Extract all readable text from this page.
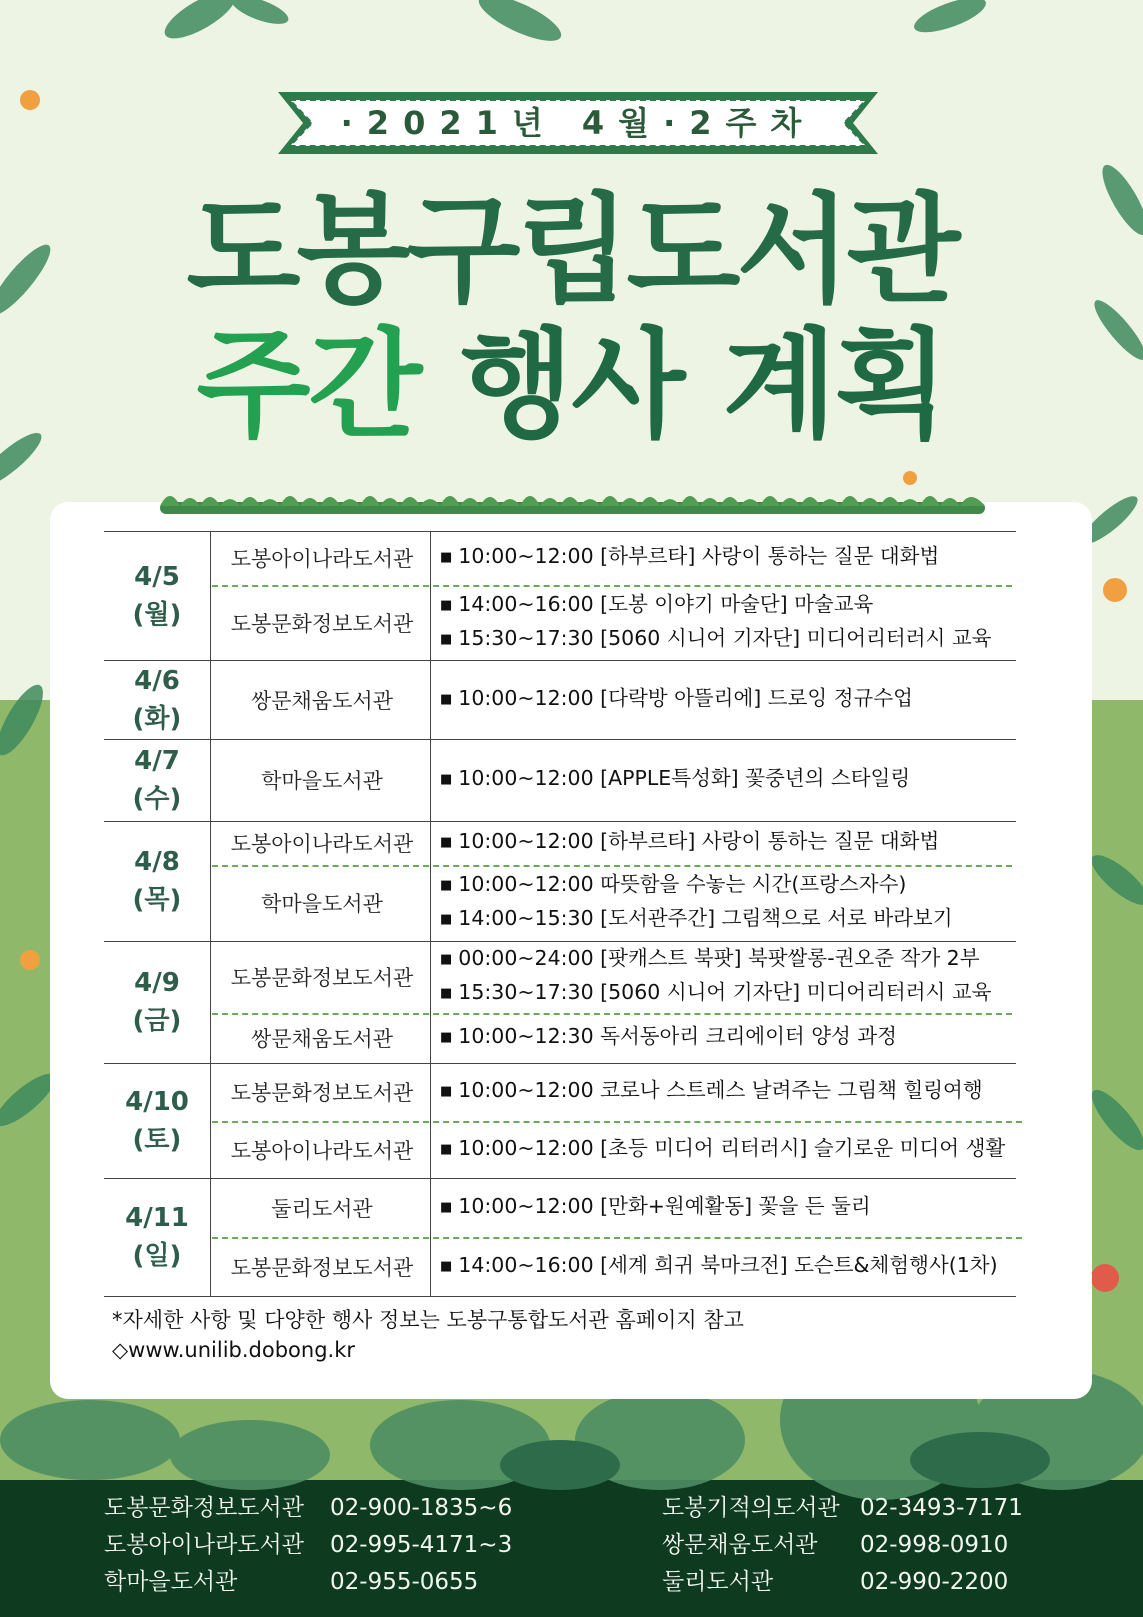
·2021년 4월·2주차
도봉구립도서관
주간 행사 계획
4/5
(월)
도봉아이나라도서관	■ 10:00~12:00 [하부르타] 사랑이 통하는 질문 대화법
도봉문화정보도서관
■ 14:00~16:00 [도봉 이야기 마술단] 마술교육
■ 15:30~17:30 [5060 시니어 기자단] 미디어리터러시 교육
4/6
(화)
쌍문채움도서관	■ 10:00~12:00 [다락방 아뜰리에] 드로잉 정규수업
4/7
(수)
학마을도서관	■ 10:00~12:00 [APPLE특성화] 꽃중년의 스타일링
4/8
(목)
도봉아이나라도서관	■ 10:00~12:00 [하부르타] 사랑이 통하는 질문 대화법
학마을도서관
■ 10:00~12:00 따뜻함을 수놓는 시간(프랑스자수)
■ 14:00~15:30 [도서관주간] 그림책으로 서로 바라보기
4/9
(금)
도봉문화정보도서관
■ 00:00~24:00 [팟캐스트 북팟] 북팟쌀롱-권오준 작가 2부
■ 15:30~17:30 [5060 시니어 기자단] 미디어리터러시 교육
쌍문채움도서관	■ 10:00~12:30 독서동아리 크리에이터 양성 과정
4/10
(토)
도봉문화정보도서관	■ 10:00~12:00 코로나 스트레스 날려주는 그림책 힐링여행
도봉아이나라도서관	■ 10:00~12:00 [초등 미디어 리터러시] 슬기로운 미디어 생활
4/11
(일)
둘리도서관	■ 10:00~12:00 [만화+원예활동] 꽃을 든 둘리
도봉문화정보도서관	■ 14:00~16:00 [세계 희귀 북마크전] 도슨트&체험행사(1차)
*자세한 사항 및 다양한 행사 정보는 도봉구통합도서관 홈페이지 참고
◇www.unilib.dobong.kr
도봉문화정보도서관	02-900-1835~6
도봉아이나라도서관	02-995-4171~3
학마을도서관	02-955-0655
도봉기적의도서관 02-3493-7171
쌍문채움도서관	02-998-0910
둘리도서관	02-990-2200
